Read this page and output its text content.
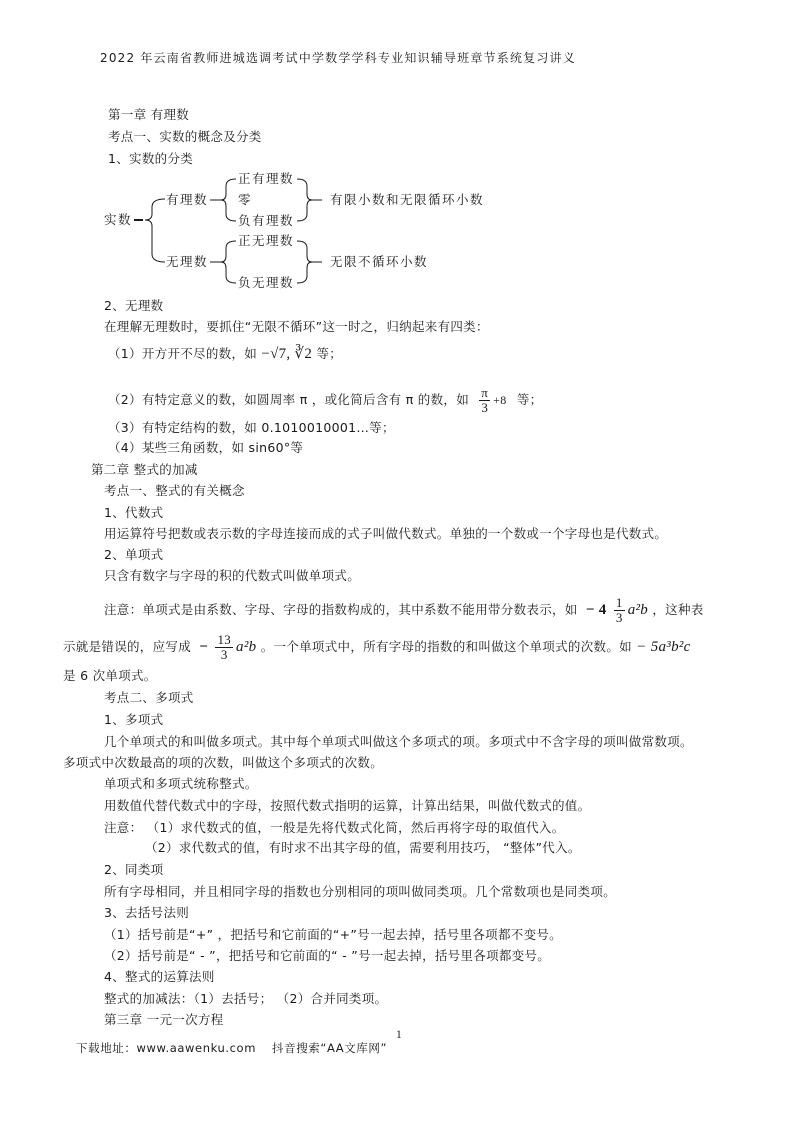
2022 年云南省教师进城选调考试中学数学学科专业知识辅导班章节系统复习讲义
第一章 有理数
考点一、实数的概念及分类
1、实数的分类
实数
有理数
无理数
正有理数
零
负有理数
正无理数
负无理数
有限小数和无限循环小数
无限不循环小数
2、无理数
在理解无理数时，要抓住“无限不循环”这一时之，归纳起来有四类：
（1）开方开不尽的数，如 −√7, ∛2 等；
（2）有特定意义的数，如圆周率 π ，或化简后含有 π 的数，如 $\frac{\pi}{3} +8$ 等；
（3）有特定结构的数，如 0.1010010001…等；
（4）某些三角函数，如 sin60°等
第二章 整式的加减
考点一、整式的有关概念
1、代数式
用运算符号把数或表示数的字母连接而成的式子叫做代数式。单独的一个数或一个字母也是代数式。
2、单项式
只含有数字与字母的积的代数式叫做单项式。
注意：单项式是由系数、字母、字母的指数构成的，其中系数不能用带分数表示，如 − $4 \frac{1}{3} a^2b$ ，这种表
示就是错误的，应写成 − $\frac{13}{3} a^2b$ 。一个单项式中，所有字母的指数的和叫做这个单项式的次数。如 − 5a³b²c
是 6 次单项式。
考点二、多项式
1、多项式
几个单项式的和叫做多项式。其中每个单项式叫做这个多项式的项。多项式中不含字母的项叫做常数项。
多项式中次数最高的项的次数，叫做这个多项式的次数。
单项式和多项式统称整式。
用数值代替代数式中的字母，按照代数式指明的运算，计算出结果，叫做代数式的值。
注意： （1）求代数式的值，一般是先将代数式化简，然后再将字母的取值代入。
（2）求代数式的值，有时求不出其字母的值，需要利用技巧， “整体”代入。
2、同类项
所有字母相同，并且相同字母的指数也分别相同的项叫做同类项。几个常数项也是同类项。
3、去括号法则
（1）括号前是“+” ，把括号和它前面的“+”号一起去掉，括号里各项都不变号。
（2）括号前是“ - ”，把括号和它前面的“ - ”号一起去掉，括号里各项都变号。
4、整式的运算法则
整式的加减法：（1）去括号； （2）合并同类项。
第三章 一元一次方程
1
下载地址：www.aawenku.com 抖音搜索“AA文库网”
